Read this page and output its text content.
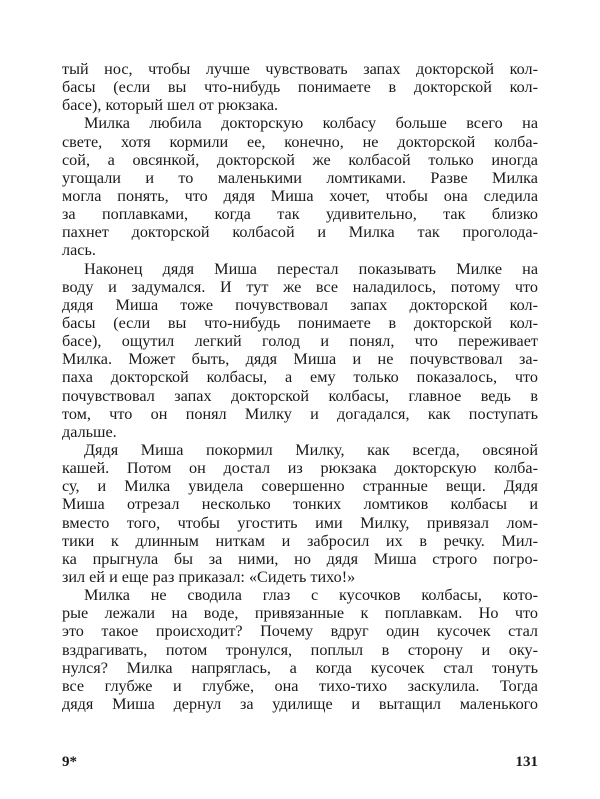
тый нос, чтобы лучше чувствовать запах докторской кол-
басы (если вы что-нибудь понимаете в докторской кол-
басе), который шел от рюкзака.
Милка любила докторскую колбасу больше всего на
свете, хотя кормили ее, конечно, не докторской колба-
сой, а овсянкой, докторской же колбасой только иногда
угощали и то маленькими ломтиками. Разве Милка
могла понять, что дядя Миша хочет, чтобы она следила
за поплавками, когда так удивительно, так близко
пахнет докторской колбасой и Милка так проголода-
лась.
Наконец дядя Миша перестал показывать Милке на
воду и задумался. И тут же все наладилось, потому что
дядя Миша тоже почувствовал запах докторской кол-
басы (если вы что-нибудь понимаете в докторской кол-
басе), ощутил легкий голод и понял, что переживает
Милка. Может быть, дядя Миша и не почувствовал за-
паха докторской колбасы, а ему только показалось, что
почувствовал запах докторской колбасы, главное ведь в
том, что он понял Милку и догадался, как поступать
дальше.
Дядя Миша покормил Милку, как всегда, овсяной
кашей. Потом он достал из рюкзака докторскую колба-
су, и Милка увидела совершенно странные вещи. Дядя
Миша отрезал несколько тонких ломтиков колбасы и
вместо того, чтобы угостить ими Милку, привязал лом-
тики к длинным ниткам и забросил их в речку. Мил-
ка прыгнула бы за ними, но дядя Миша строго погро-
зил ей и еще раз приказал: «Сидеть тихо!»
Милка не сводила глаз с кусочков колбасы, кото-
рые лежали на воде, привязанные к поплавкам. Но что
это такое происходит? Почему вдруг один кусочек стал
вздрагивать, потом тронулся, поплыл в сторону и оку-
нулся? Милка напряглась, а когда кусочек стал тонуть
все глубже и глубже, она тихо-тихо заскулила. Тогда
дядя Миша дернул за удилище и вытащил маленького
9*	131
